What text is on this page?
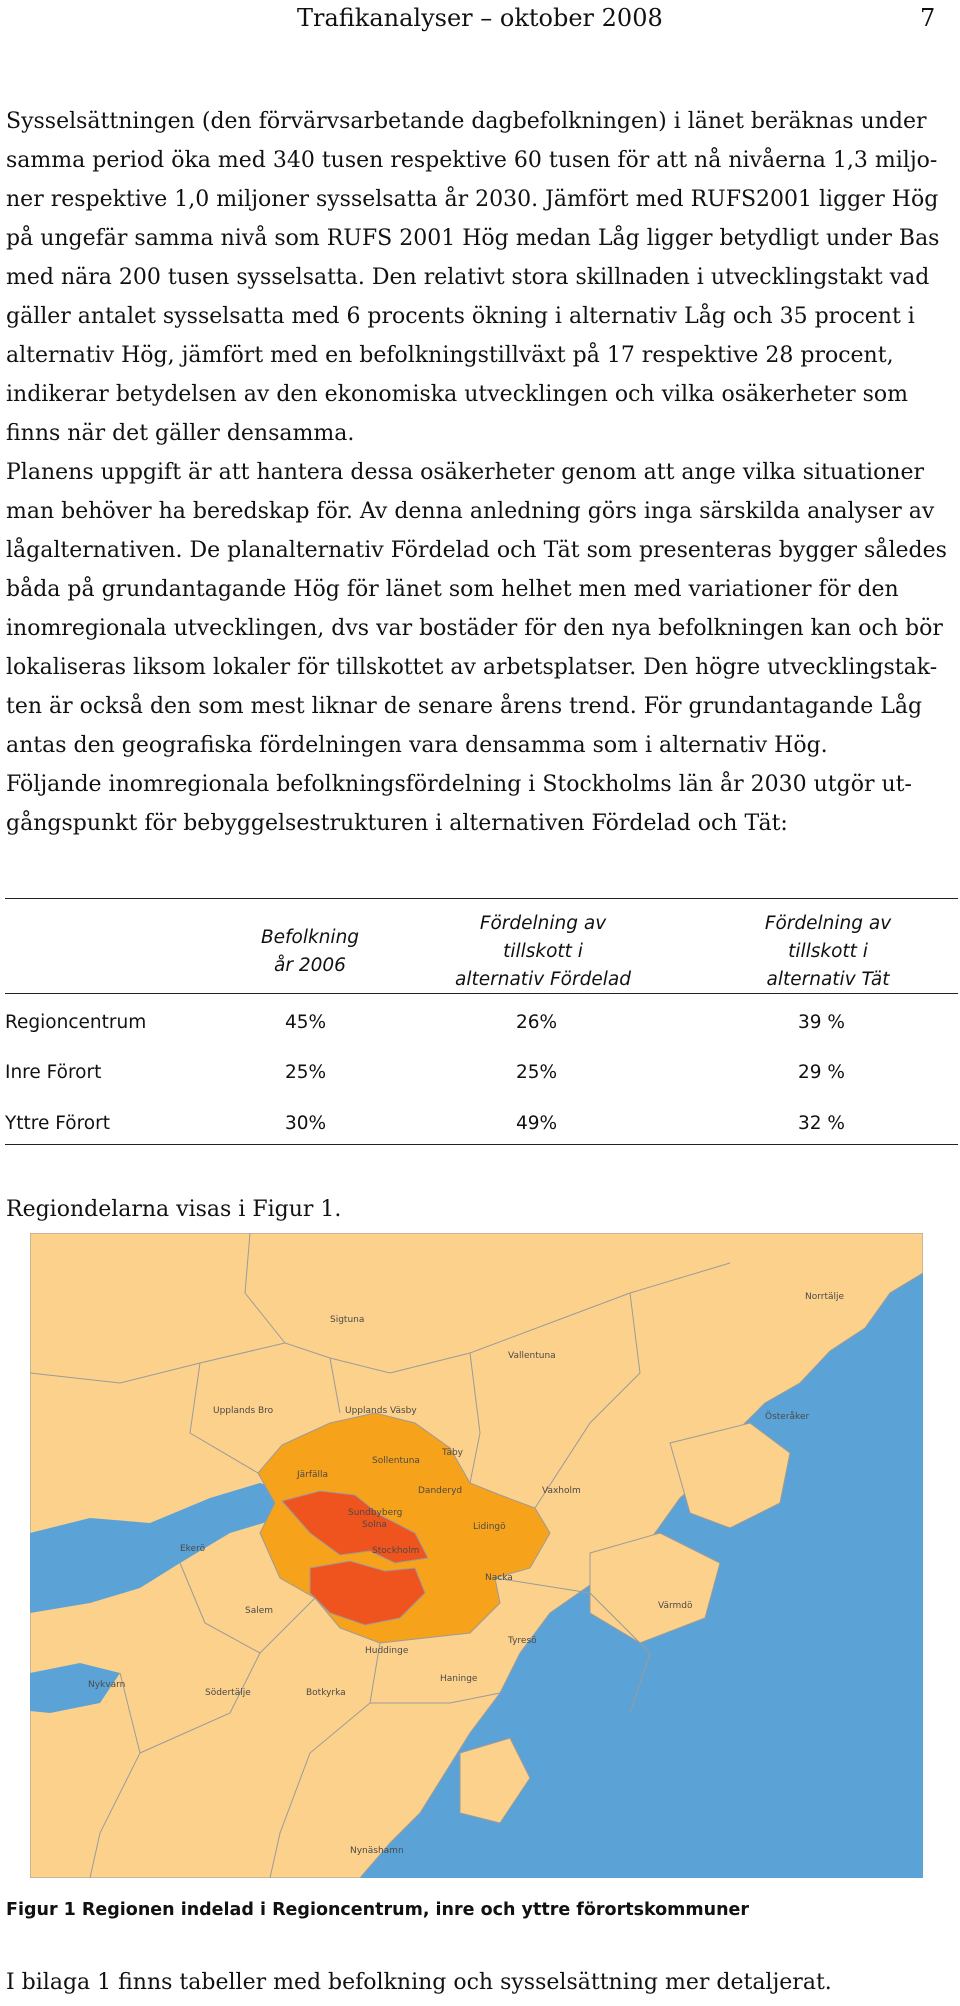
Trafikanalyser – oktober 2008	7

Sysselsättningen (den förvärvsarbetande dagbefolkningen) i länet beräknas under

samma period öka med 340 tusen respektive 60 tusen för att nå nivåerna 1,3 miljo-

ner respektive 1,0 miljoner sysselsatta år 2030. Jämfört med RUFS2001 ligger Hög

på ungefär samma nivå som RUFS 2001 Hög medan Låg ligger betydligt under Bas

med nära 200 tusen sysselsatta. Den relativt stora skillnaden i utvecklingstakt vad

gäller antalet sysselsatta med 6 procents ökning i alternativ Låg och 35 procent i

alternativ Hög, jämfört med en befolkningstillväxt på 17 respektive 28 procent,

indikerar betydelsen av den ekonomiska utvecklingen och vilka osäkerheter som

finns när det gäller densamma.

Planens uppgift är att hantera dessa osäkerheter genom att ange vilka situationer

man behöver ha beredskap för. Av denna anledning görs inga särskilda analyser av

lågalternativen. De planalternativ Fördelad och Tät som presenteras bygger således

båda på grundantagande Hög för länet som helhet men med variationer för den

inomregionala utvecklingen, dvs var bostäder för den nya befolkningen kan och bör

lokaliseras liksom lokaler för tillskottet av arbetsplatser. Den högre utvecklingstak-

ten är också den som mest liknar de senare årens trend. För grundantagande Låg

antas den geografiska fördelningen vara densamma som i alternativ Hög.

Följande inomregionala befolkningsfördelning i Stockholms län år 2030 utgör ut-

gångspunkt för bebyggelsestrukturen i alternativen Fördelad och Tät:

Befolkning
år 2006
Fördelning av
tillskott i
alternativ Fördelad
Fördelning av
tillskott i
alternativ Tät
Regioncentrum	45%	26%	39 %
Inre Förort	25%	25%	29 %
Yttre Förort	30%	49%	32 %

Regiondelarna visas i Figur 1.

Norrtälje
Sigtuna
Vallentuna
Upplands Bro	Upplands Väsby
Österåker
Täby
Sollentuna
Järfälla
Danderyd	Vaxholm
Sundbyberg
Solna	Lidingö
Ekerö	Stockholm
Nacka
Värmdö
Salem
Huddinge
Tyresö
Haninge
Nykvarn
Södertälje	Botkyrka
Nynäshamn
Figur 1 Regionen indelad i Regioncentrum, inre och yttre förortskommuner
I bilaga 1 finns tabeller med befolkning och sysselsättning mer detaljerat.
